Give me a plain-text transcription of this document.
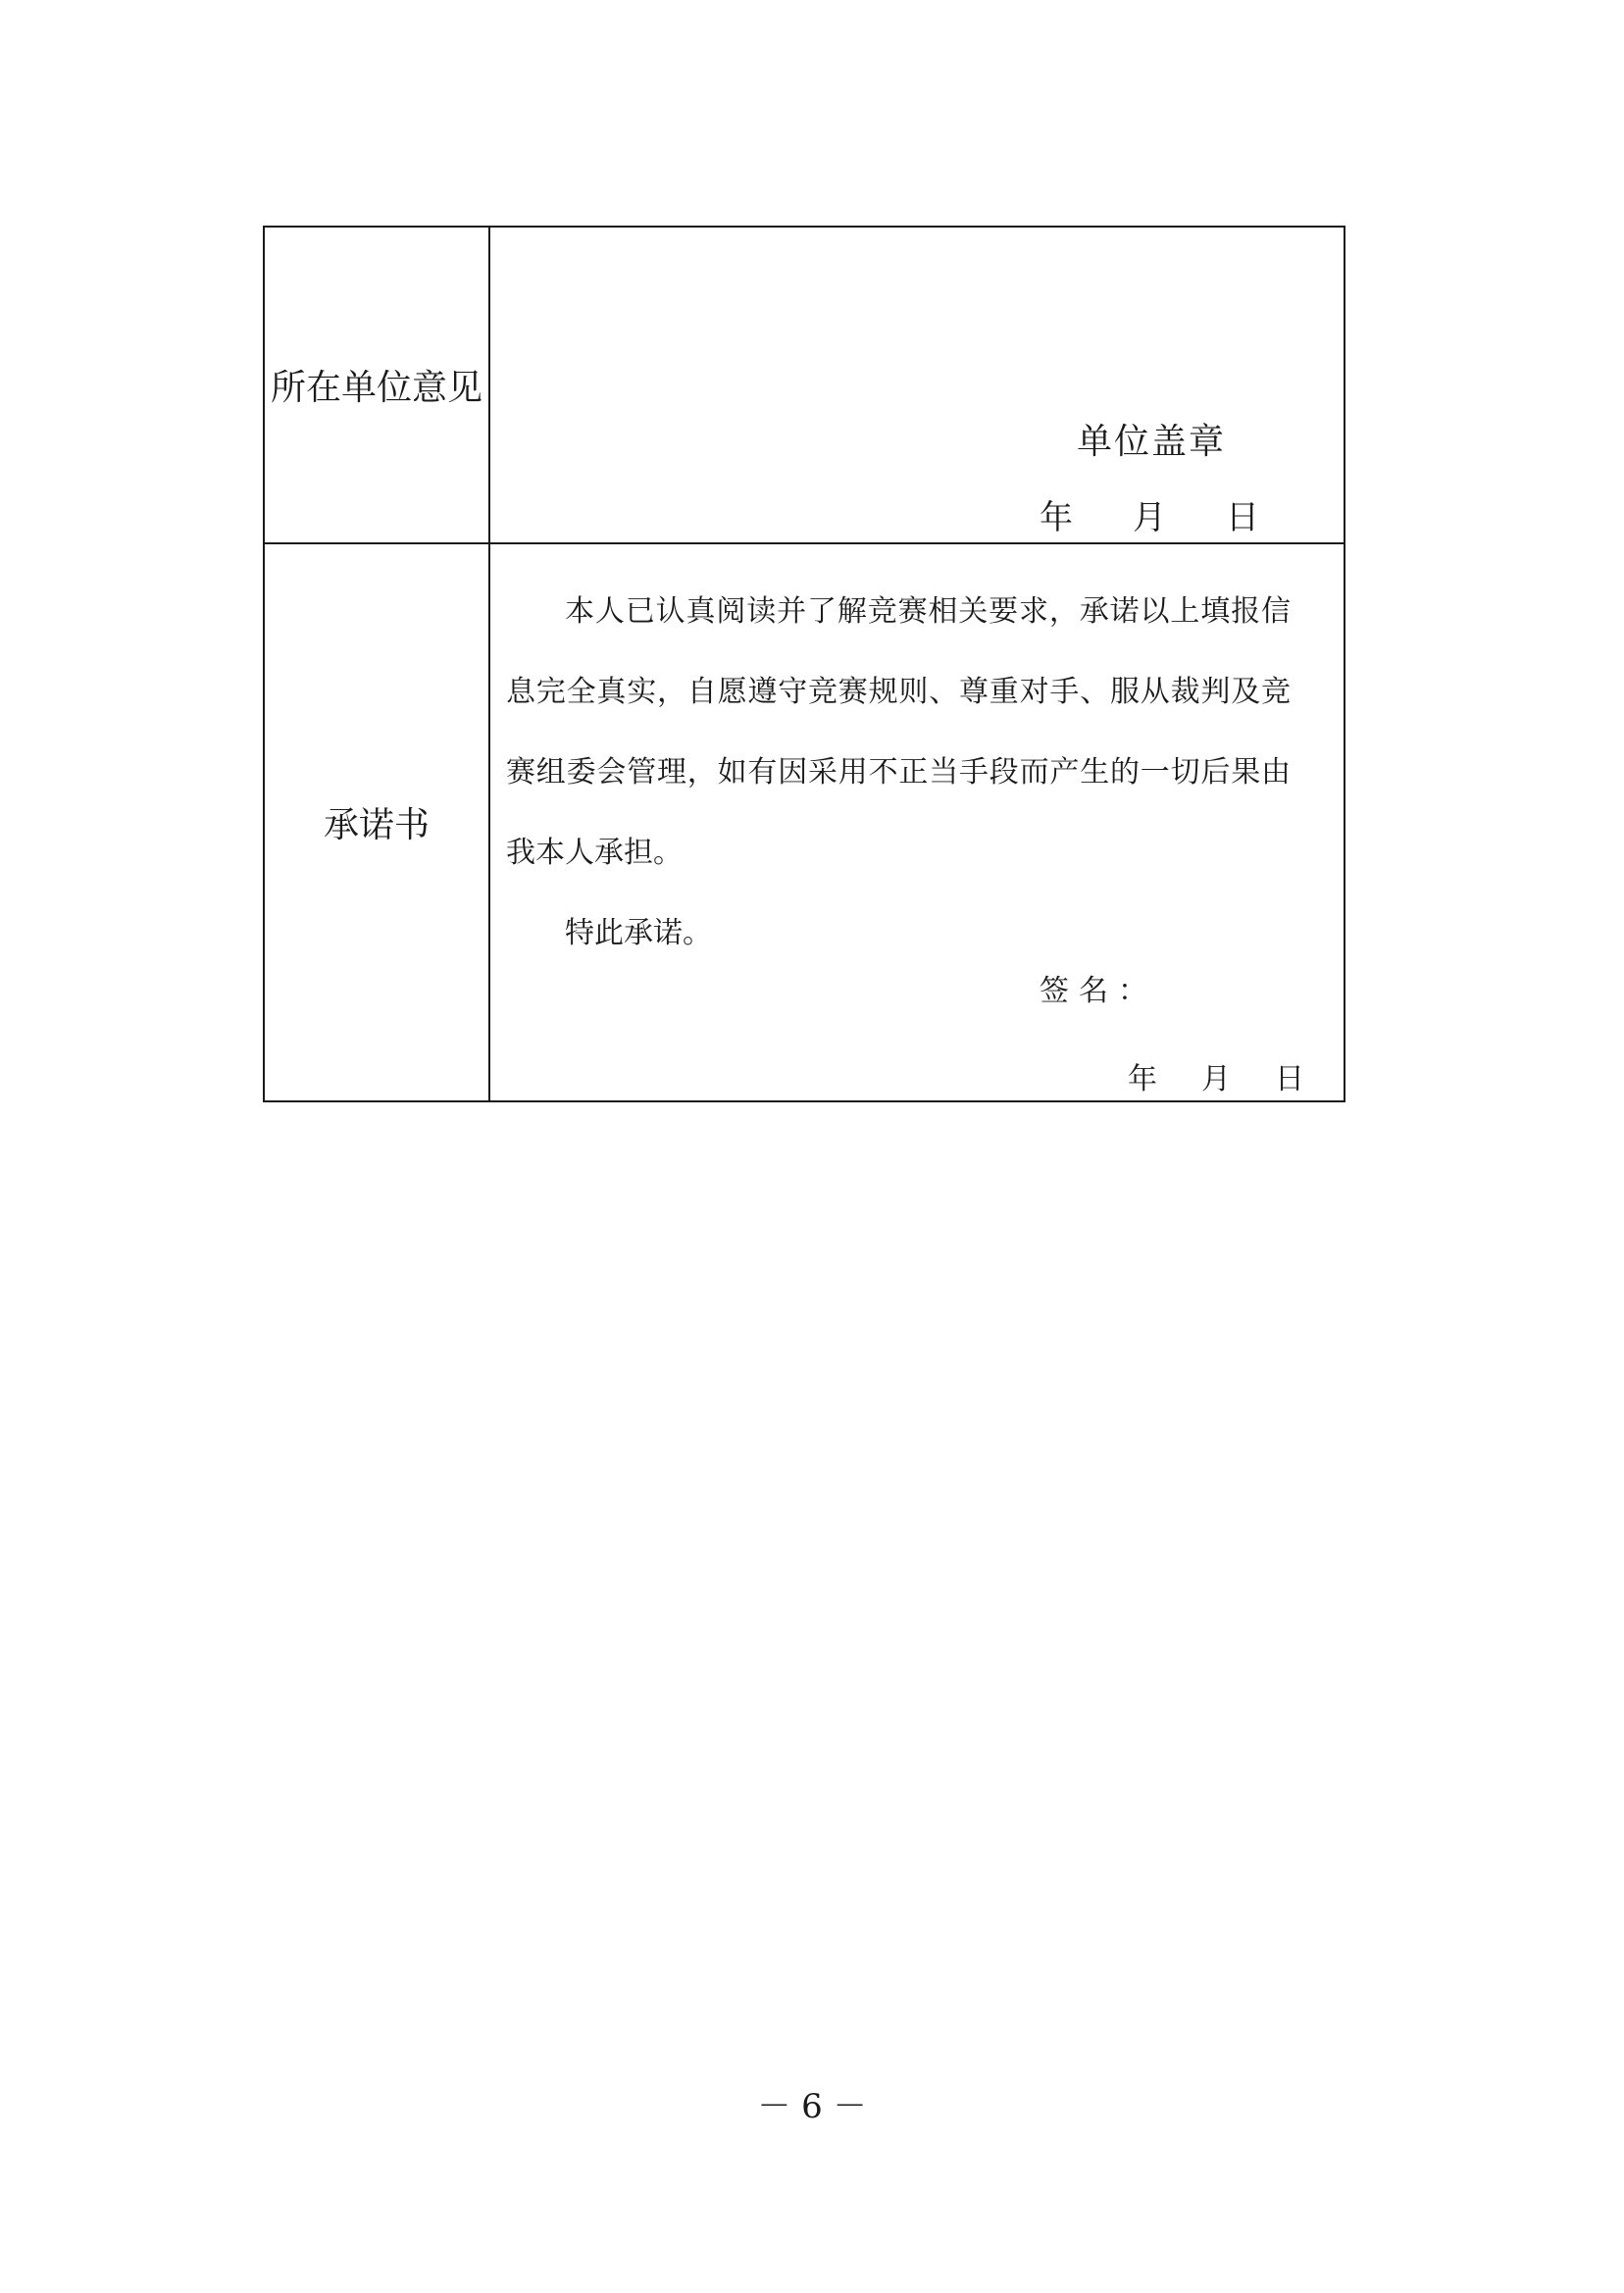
所在单位意见
单位盖章
年	月	日
承诺书

本人已认真阅读并了解竞赛相关要求，承诺以上填报信息完全真实，自愿遵守竞赛规则、尊重对手、服从裁判及竞赛组委会管理，如有因采用不正当手段而产生的一切后果由我本人承担。

特此承诺。

签名：
年	月	日
－ 6 －
